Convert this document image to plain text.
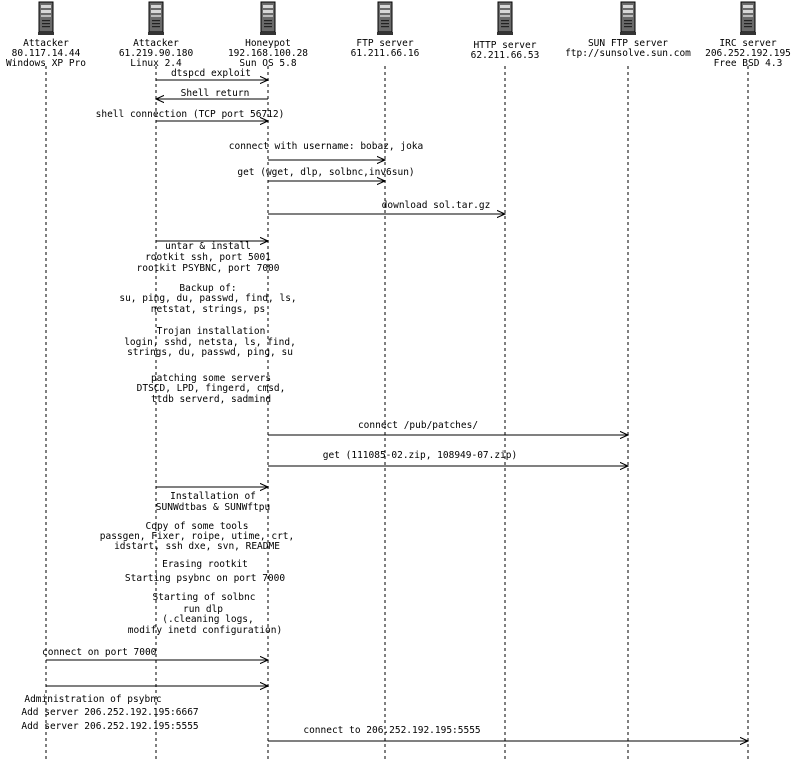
Attacker
80.117.14.44
Windows XP Pro
Attacker
61.219.90.180
Linux 2.4
Honeypot
192.168.100.28
Sun OS 5.8
FTP server
61.211.66.16
HTTP server
62.211.66.53
SUN FTP server
ftp://sunsolve.sun.com
IRC server
206.252.192.195
Free BSD 4.3
dtspcd exploit
Shell return
shell connection (TCP port 56712)
connect with username: bobaz, joka
get (wget, dlp, solbnc,inv6sun)
download sol.tar.gz
connect /pub/patches/
get (111085-02.zip, 108949-07.zip)
connect on port 7000
connect to 206.252.192.195:5555
untar & install
rootkit ssh, port 5001
rootkit PSYBNC, port 7000
Backup of:
su, ping, du, passwd, find, ls,
netstat, strings, ps
Trojan installation
login, sshd, netsta, ls, find,
strings, du, passwd, ping, su
patching some servers
DTSCD, LPD, fingerd, cmsd,
ttdb serverd, sadmind
Installation of
SUNWdtbas & SUNWftpu
Copy of some tools
passgen, Fixer, roipe, utime, crt,
idstart, ssh dxe, svn, README
Erasing rootkit
Starting psybnc on port 7000
Starting of solbnc
run dlp
(.cleaning logs,
modify inetd configuration)
Administration of psybnc
Add server 206.252.192.195:6667
Add server 206.252.192.195:5555
